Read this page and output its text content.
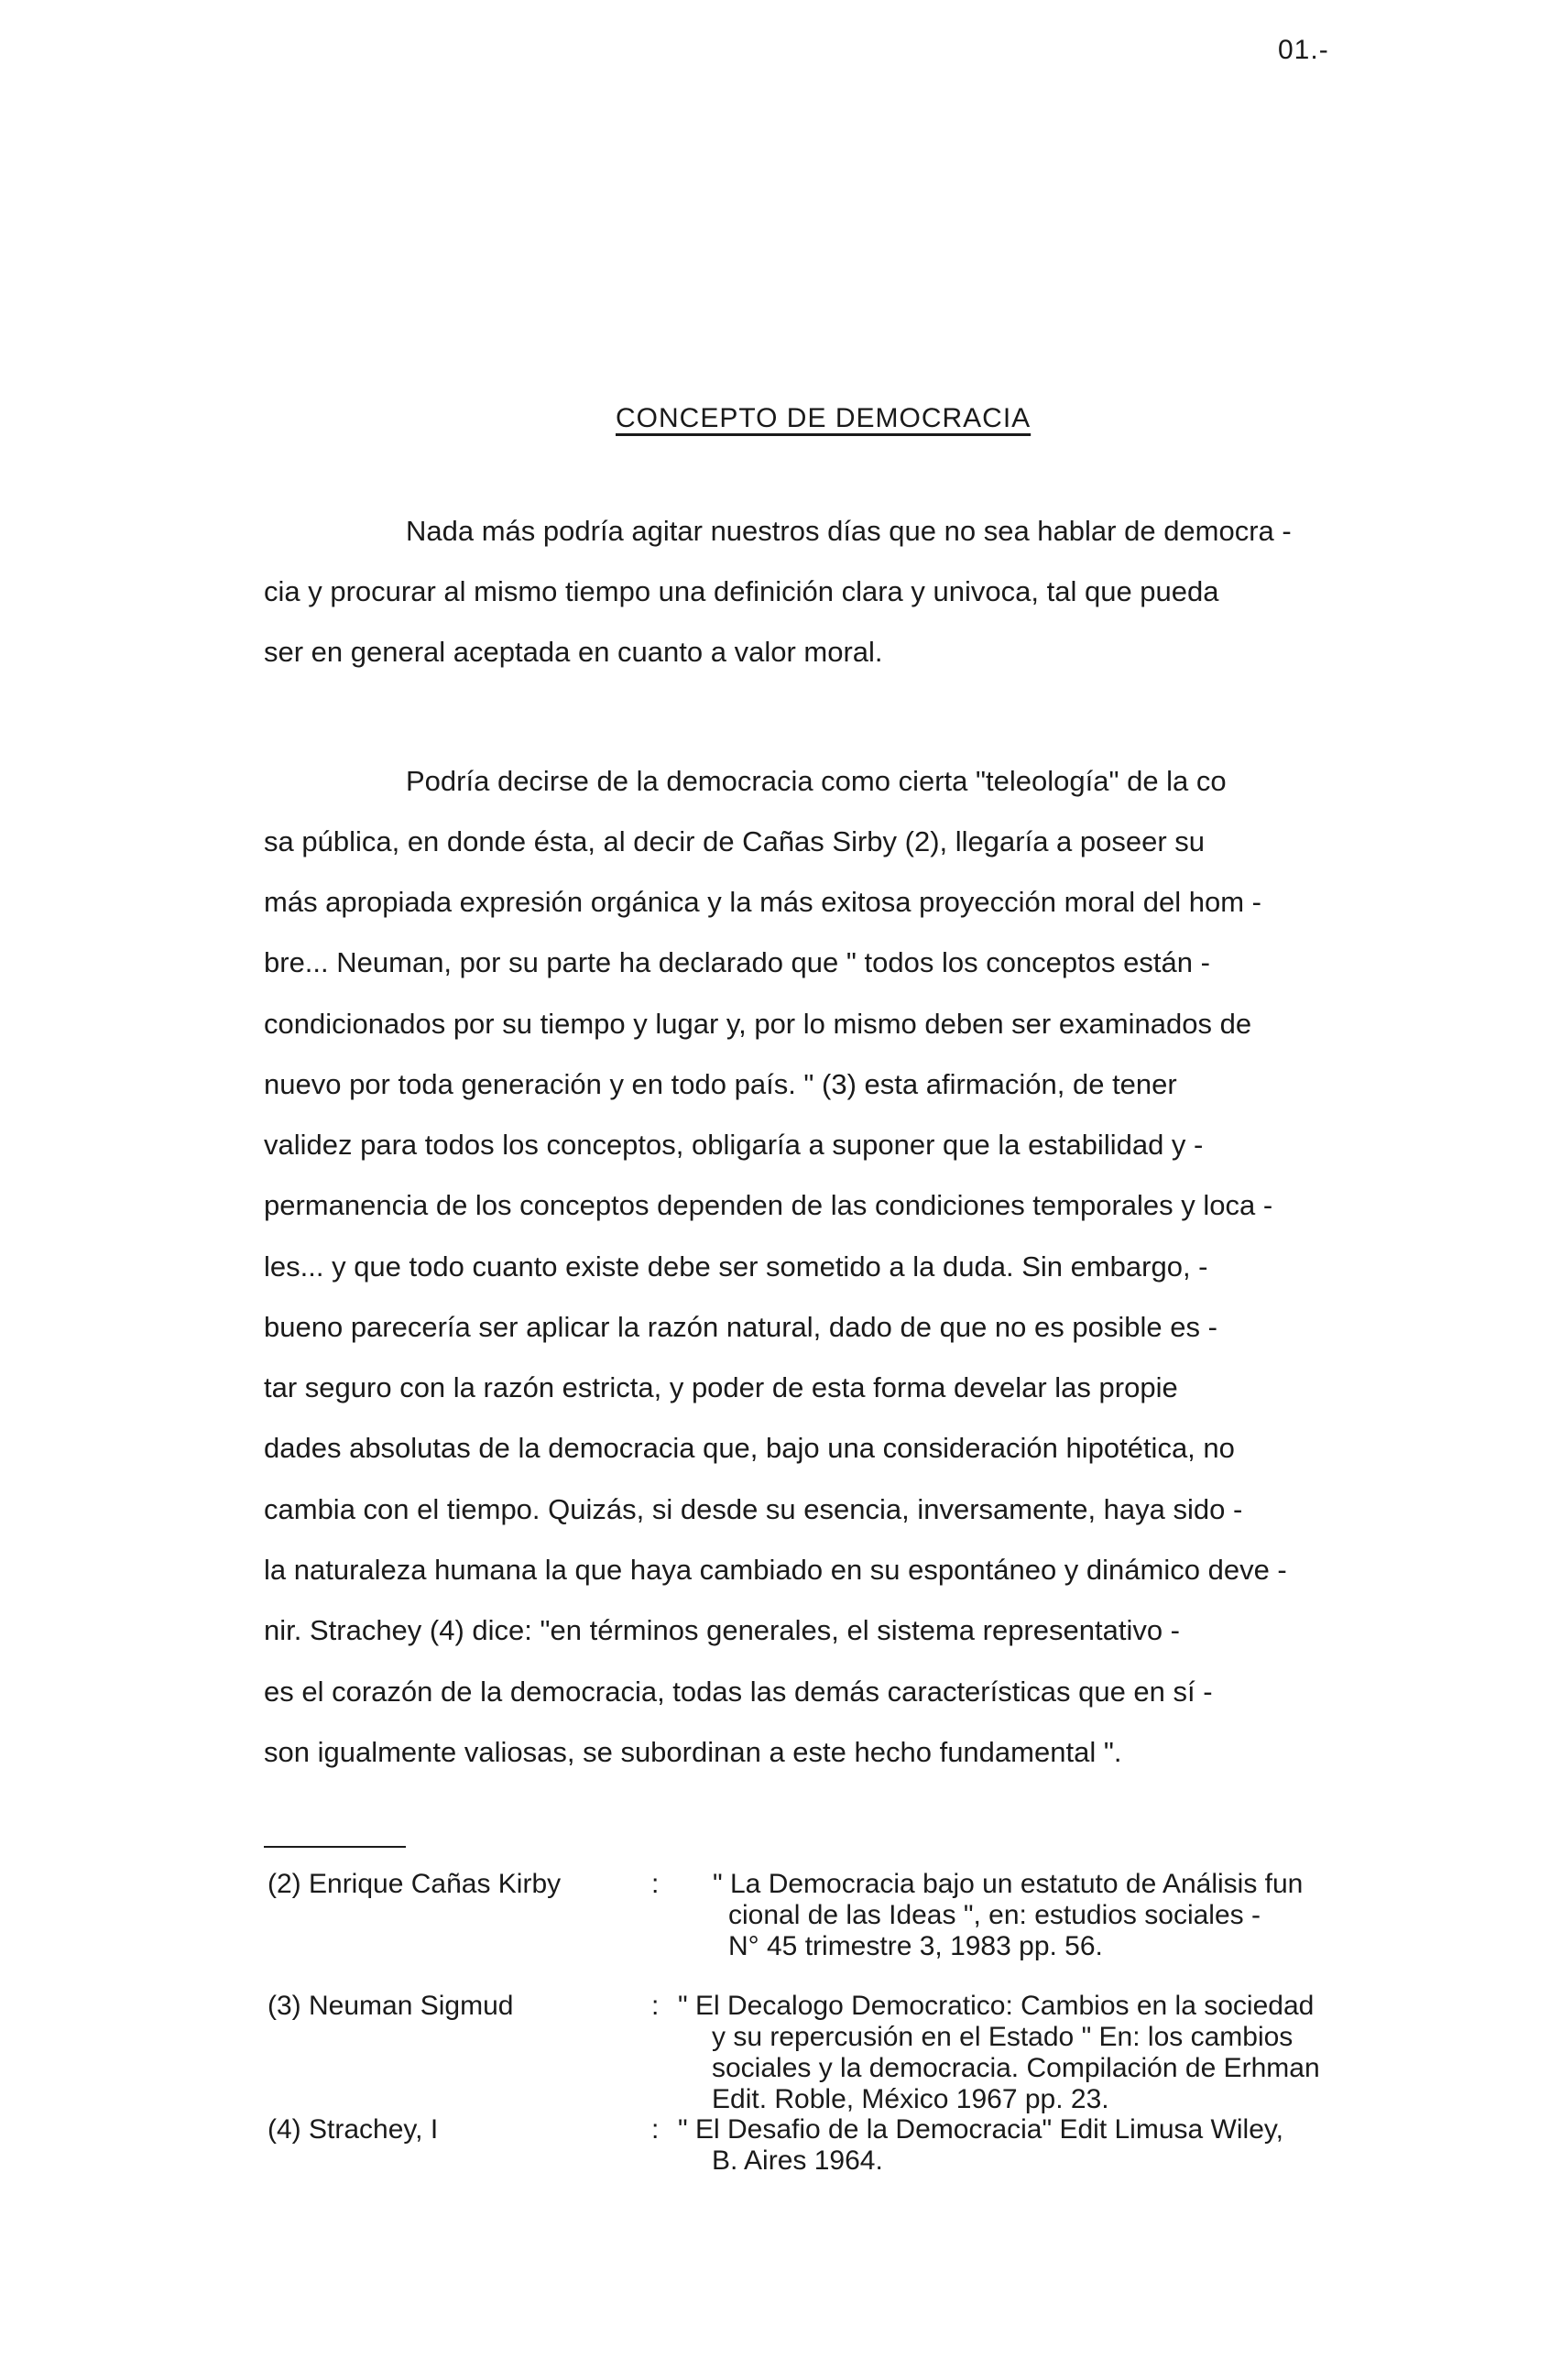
01.-
CONCEPTO DE DEMOCRACIA
Nada más podría agitar nuestros días que no sea hablar de democra -
cia y procurar al mismo tiempo una definición clara y univoca, tal que pueda
ser en general aceptada en cuanto a valor moral.
Podría decirse de la democracia como cierta "teleología" de la co
sa pública, en donde ésta, al decir de Cañas Sirby (2), llegaría a poseer su
más apropiada expresión orgánica y la más exitosa proyección moral del hom -
bre... Neuman, por su parte ha declarado que " todos los conceptos están -
condicionados por su tiempo y lugar y, por lo mismo deben ser examinados de
nuevo por toda generación y en todo país. " (3) esta afirmación, de tener
validez para todos los conceptos, obligaría a suponer que la estabilidad y -
permanencia de los conceptos dependen de las condiciones temporales y loca -
les... y que todo cuanto existe debe ser sometido a la duda. Sin embargo, -
bueno parecería ser aplicar la razón natural, dado de que no es posible es -
tar seguro con la razón estricta, y poder de esta forma develar las propie
dades absolutas de la democracia que, bajo una consideración hipotética, no
cambia con el tiempo. Quizás, si desde su esencia, inversamente, haya sido -
la naturaleza humana la que haya cambiado en su espontáneo y dinámico deve -
nir. Strachey (4) dice: "en términos generales, el sistema representativo -
es el corazón de la democracia, todas las demás características que en sí -
son igualmente valiosas, se subordinan a este hecho fundamental ".
(2) Enrique Cañas Kirby	: " La Democracia bajo un estatuto de Análisis fun
cional de las Ideas ", en: estudios sociales -
N° 45 trimestre 3, 1983 pp. 56.
(3) Neuman Sigmud	: " El Decalogo Democratico: Cambios en la sociedad
y su repercusión en el Estado " En: los cambios
sociales y la democracia. Compilación de Erhman
Edit. Roble, México 1967 pp. 23.
(4) Strachey, I	: " El Desafio de la Democracia" Edit Limusa Wiley,
B. Aires 1964.
